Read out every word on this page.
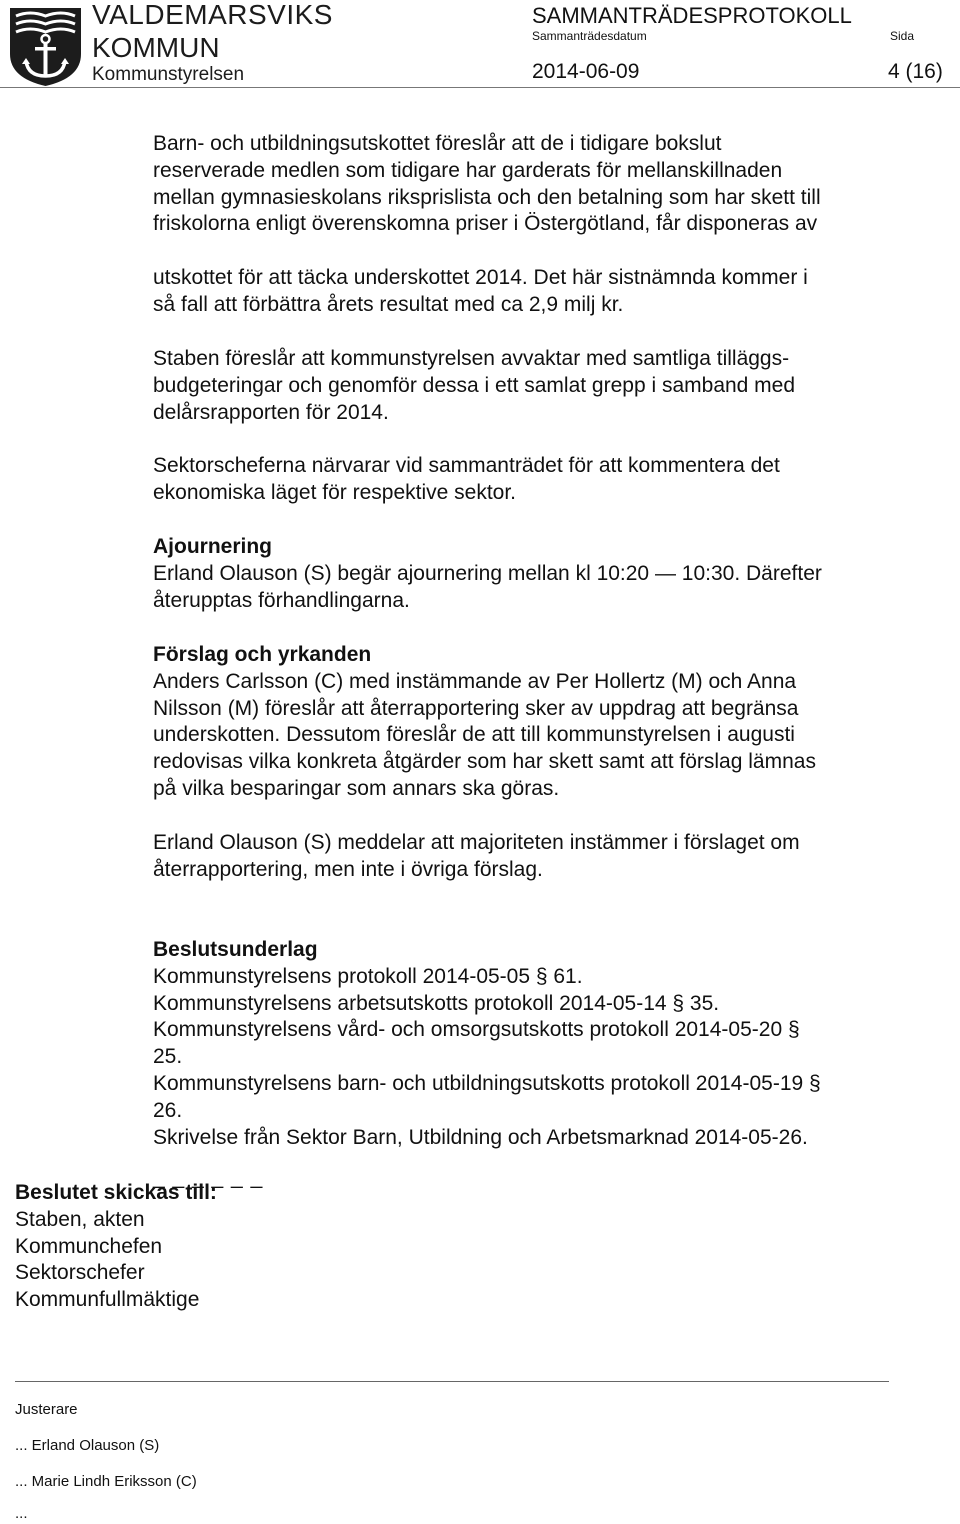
VALDEMARSVIKS
KOMMUN
Kommunstyrelsen
SAMMANTRÄDESPROTOKOLL
Sammanträdesdatum	Sida
2014-06-09	4 (16)
Barn- och utbildningsutskottet föreslår att de i tidigare bokslut
reserverade medlen som tidigare har garderats för mellanskillnaden
mellan gymnasieskolans riksprislista och den betalning som har skett till
friskolorna enligt överenskomna priser i Östergötland, får disponeras av
utskottet för att täcka underskottet 2014. Det här sistnämnda kommer i
så fall att förbättra årets resultat med ca 2,9 milj kr.
Staben föreslår att kommunstyrelsen avvaktar med samtliga tilläggs-
budgeteringar och genomför dessa i ett samlat grepp i samband med
delårsrapporten för 2014.
Sektorscheferna närvarar vid sammanträdet för att kommentera det
ekonomiska läget för respektive sektor.
Ajournering
Erland Olauson (S) begär ajournering mellan kl 10:20 — 10:30. Därefter
återupptas förhandlingarna.
Förslag och yrkanden
Anders Carlsson (C) med instämmande av Per Hollertz (M) och Anna
Nilsson (M) föreslår att återrapportering sker av uppdrag att begränsa
underskotten. Dessutom föreslår de att till kommunstyrelsen i augusti
redovisas vilka konkreta åtgärder som har skett samt att förslag lämnas
på vilka besparingar som annars ska göras.
Erland Olauson (S) meddelar att majoriteten instämmer i förslaget om
återrapportering, men inte i övriga förslag.
Beslutsunderlag
Kommunstyrelsens protokoll 2014-05-05 § 61.
Kommunstyrelsens arbetsutskotts protokoll 2014-05-14 § 35.
Kommunstyrelsens vård- och omsorgsutskotts protokoll 2014-05-20 §
25.
Kommunstyrelsens barn- och utbildningsutskotts protokoll 2014-05-19 §
26.
Skrivelse från Sektor Barn, Utbildning och Arbetsmarknad 2014-05-26.
_ _ _ _ _ _
Beslutet skickas till:
Staben, akten
Kommunchefen
Sektorschefer
Kommunfullmäktige
Justerare
... Erland Olauson (S)
... Marie Lindh Eriksson (C)
...
